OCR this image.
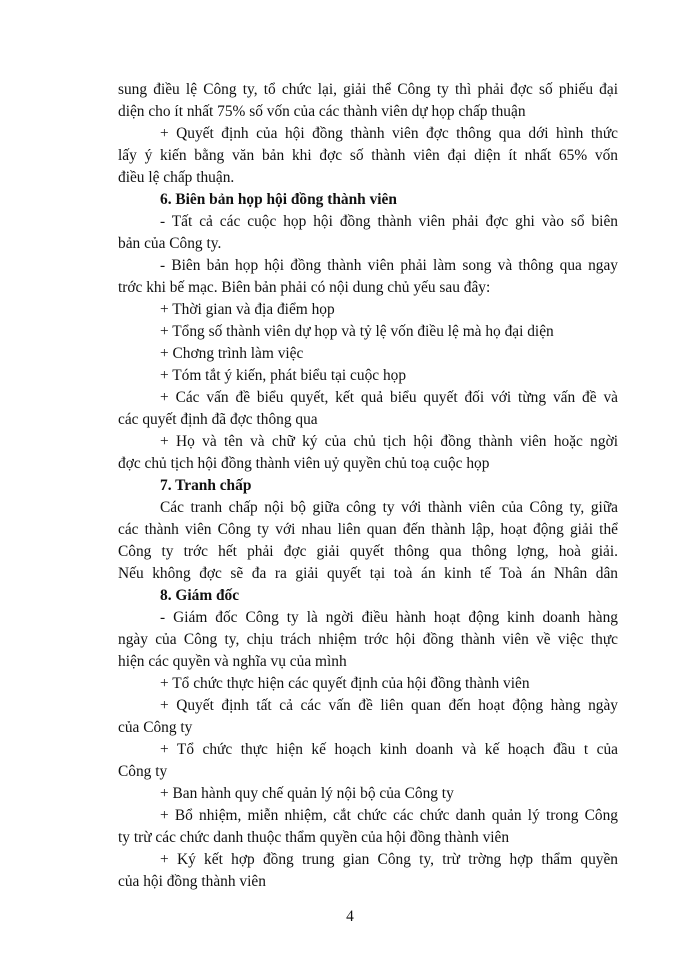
sung điều lệ Công ty, tổ chức lại, giải thể Công ty thì phải đợc số phiếu đại
diện cho ít nhất 75% số vốn của các thành viên dự họp chấp thuận
+ Quyết định của hội đồng thành viên đợc thông qua dới hình thức
lấy ý kiến bằng văn bản khi đợc số thành viên đại diện ít nhất 65% vốn
điều lệ chấp thuận.
6. Biên bản họp hội đồng thành viên
- Tất cả các cuộc họp hội đồng thành viên phải đợc ghi vào sổ biên
bản của Công ty.
- Biên bản họp hội đồng thành viên phải làm song và thông qua ngay
trớc khi bế mạc. Biên bản phải có nội dung chủ yếu sau đây:
+ Thời gian và địa điểm họp
+ Tổng số thành viên dự họp và tỷ lệ vốn điều lệ mà họ đại diện
+ Chơng trình làm việc
+ Tóm tắt ý kiến, phát biểu tại cuộc họp
+ Các vấn đề biểu quyết, kết quả biểu quyết đối với từng vấn đề và
các quyết định đã đợc thông qua
+ Họ và tên và chữ ký của chủ tịch hội đồng thành viên hoặc ngời
đợc chủ tịch hội đồng thành viên uỷ quyền chủ toạ cuộc họp
7. Tranh chấp
Các tranh chấp nội bộ giữa công ty với thành viên của Công ty, giữa
các thành viên Công ty với nhau liên quan đến thành lập, hoạt động giải thể
Công ty trớc hết phải đợc giải quyết thông qua thông lợng, hoà giải.
Nếu không đợc sẽ đa ra giải quyết tại toà án kinh tế Toà án Nhân dân
8. Giám đốc
- Giám đốc Công ty là ngời điều hành hoạt động kinh doanh hàng
ngày của Công ty, chịu trách nhiệm trớc hội đồng thành viên về việc thực
hiện các quyền và nghĩa vụ của mình
+ Tổ chức thực hiện các quyết định của hội đồng thành viên
+ Quyết định tất cả các vấn đề liên quan đến hoạt động hàng ngày
của Công ty
+ Tổ chức thực hiện kế hoạch kinh doanh và kế hoạch đầu t của
Công ty
+ Ban hành quy chế quản lý nội bộ của Công ty
+ Bổ nhiệm, miễn nhiệm, cắt chức các chức danh quản lý trong Công
ty trừ các chức danh thuộc thẩm quyền của hội đồng thành viên
+ Ký kết hợp đồng trung gian Công ty, trừ trờng hợp thẩm quyền
của hội đồng thành viên
4
